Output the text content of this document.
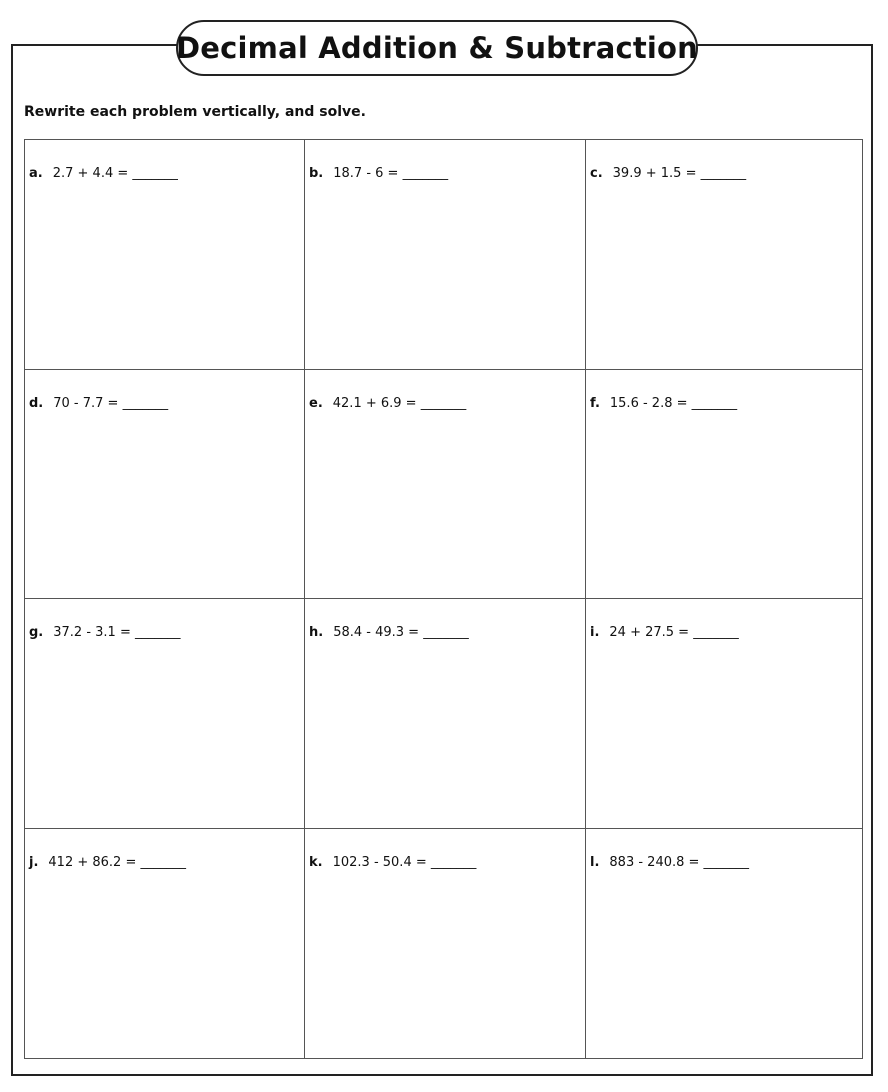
Decimal Addition & Subtraction
Rewrite each problem vertically, and solve.
a. 2.7 + 4.4 = _______	b. 18.7 - 6 = _______	c. 39.9 + 1.5 = _______
d. 70 - 7.7 = _______	e. 42.1 + 6.9 = _______	f. 15.6 - 2.8 = _______
g. 37.2 - 3.1 = _______	h. 58.4 - 49.3 = _______	i. 24 + 27.5 = _______
j. 412 + 86.2 = _______	k. 102.3 - 50.4 = _______	l. 883 - 240.8 = _______
